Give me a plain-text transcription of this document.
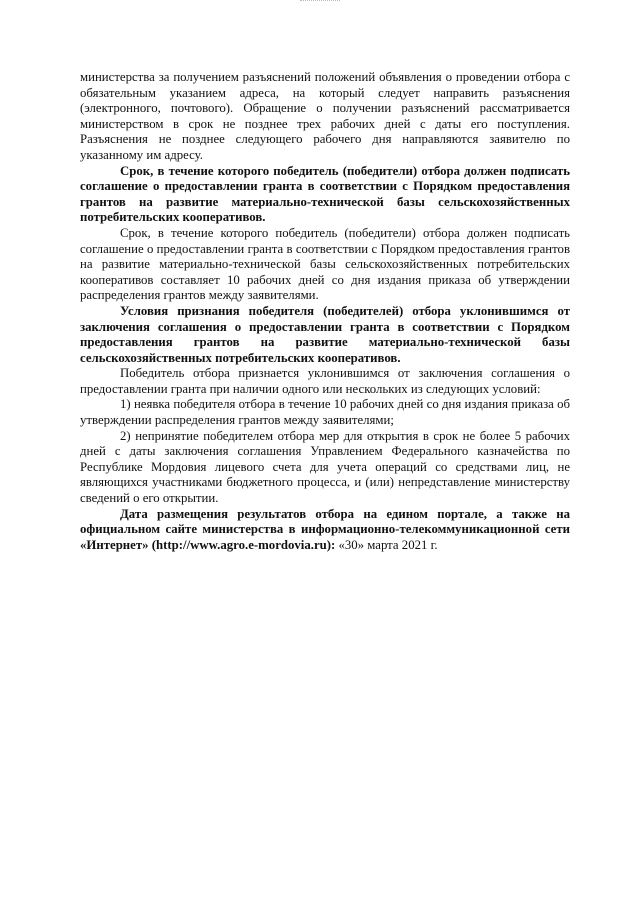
министерства за получением разъяснений положений объявления о проведении отбора с обязательным указанием адреса, на который следует направить разъяснения (электронного, почтового). Обращение о получении разъяснений рассматривается министерством в срок не позднее трех рабочих дней с даты его поступления. Разъяснения не позднее следующего рабочего дня направляются заявителю по указанному им адресу.

Срок, в течение которого победитель (победители) отбора должен подписать соглашение о предоставлении гранта в соответствии с Порядком предоставления грантов на развитие материально-технической базы сельскохозяйственных потребительских кооперативов.

Срок, в течение которого победитель (победители) отбора должен подписать соглашение о предоставлении гранта в соответствии с Порядком предоставления грантов на развитие материально-технической базы сельскохозяйственных потребительских кооперативов составляет 10 рабочих дней со дня издания приказа об утверждении распределения грантов между заявителями.

Условия признания победителя (победителей) отбора уклонившимся от заключения соглашения о предоставлении гранта в соответствии с Порядком предоставления грантов на развитие материально-технической базы сельскохозяйственных потребительских кооперативов.

Победитель отбора признается уклонившимся от заключения соглашения о предоставлении гранта при наличии одного или нескольких из следующих условий:

1) неявка победителя отбора в течение 10 рабочих дней со дня издания приказа об утверждении распределения грантов между заявителями;

2) непринятие победителем отбора мер для открытия в срок не более 5 рабочих дней с даты заключения соглашения Управлением Федерального казначейства по Республике Мордовия лицевого счета для учета операций со средствами лиц, не являющихся участниками бюджетного процесса, и (или) непредставление министерству сведений о его открытии.

Дата размещения результатов отбора на едином портале, а также на официальном сайте министерства в информационно-телекоммуникационной сети «Интернет» (http://www.agro.e-mordovia.ru): «30» марта 2021 г.
